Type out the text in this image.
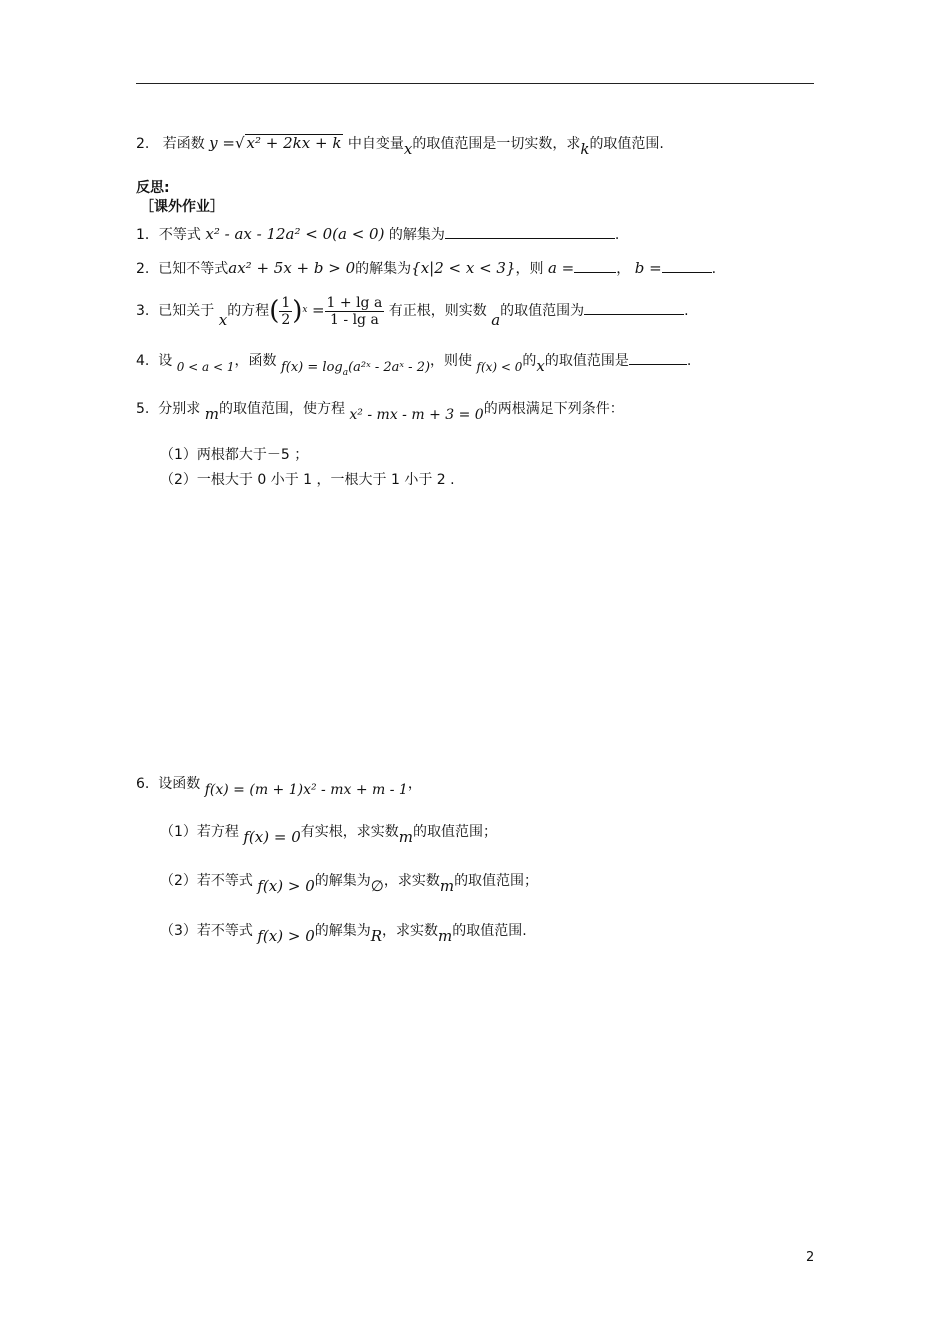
2. 若函数 y =√ x² + 2kx + k 中自变量x的取值范围是一切实数，求k的取值范围.
反思:
［课外作业］
1．不等式 x² - ax - 12a² < 0(a < 0) 的解集为	.
2. 已知不等式ax² + 5x + b > 0的解集为{x|2 < x < 3}，则 a =	， b =	.
3. 已知关于 x的方程( $\frac{1}{2} )^x = \frac{\text{1 + lg a}}{\text{1 - lg a}}$ 有正根，则实数 a的取值范围为	.
4. 设 0 < a < 1，函数 $f(x) = \log_a(a^2ˣ$ - 2aˣ - 2)，则使 f(x) < 0的x的取值范围是	.
5. 分别求 m的取值范围，使方程 x² - mx - m + 3 = 0的两根满足下列条件：
（1）两根都大于－5 ；
（2）一根大于 0 小于 1 ，一根大于 1 小于 2 .
6. 设函数 f(x) = (m + 1)x² - mx + m - 1，
（1）若方程 f(x) = 0有实根，求实数m的取值范围；
（2）若不等式 f(x) > 0的解集为∅，求实数m的取值范围；
（3）若不等式 f(x) > 0的解集为R，求实数m的取值范围.
2
